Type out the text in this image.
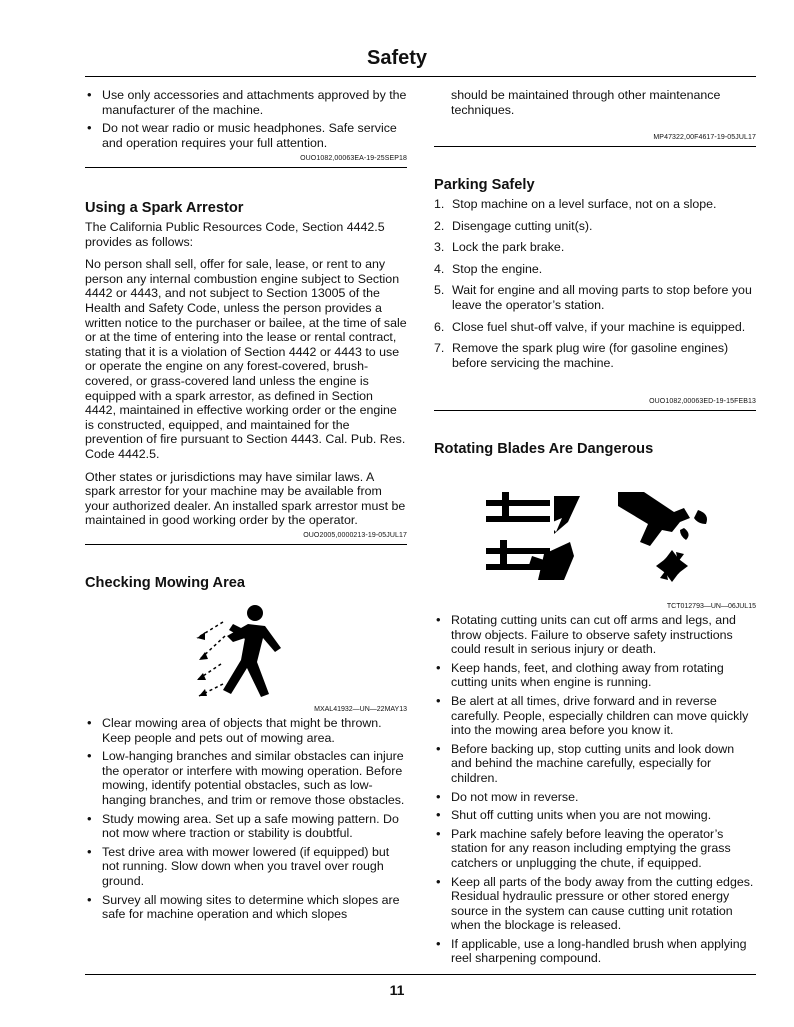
Safety
• Use only accessories and attachments approved by the manufacturer of the machine.
• Do not wear radio or music headphones. Safe service and operation requires your full attention.
OUO1082,00063EA-19-25SEP18
Using a Spark Arrestor

The California Public Resources Code, Section 4442.5 provides as follows:

No person shall sell, offer for sale, lease, or rent to any person any internal combustion engine subject to Section 4442 or 4443, and not subject to Section 13005 of the Health and Safety Code, unless the person provides a written notice to the purchaser or bailee, at the time of sale or at the time of entering into the lease or rental contract, stating that it is a violation of Section 4442 or 4443 to use or operate the engine on any forest-covered, brush-covered, or grass-covered land unless the engine is equipped with a spark arrestor, as defined in Section 4442, maintained in effective working order or the engine is constructed, equipped, and maintained for the prevention of fire pursuant to Section 4443. Cal. Pub. Res. Code 4442.5.

Other states or jurisdictions may have similar laws. A spark arrestor for your machine may be available from your authorized dealer. An installed spark arrestor must be maintained in good working order by the operator.

OUO2005,0000213-19-05JUL17
Checking Mowing Area
MXAL41932—UN—22MAY13
• Clear mowing area of objects that might be thrown. Keep people and pets out of mowing area.
• Low-hanging branches and similar obstacles can injure the operator or interfere with mowing operation. Before mowing, identify potential obstacles, such as low-hanging branches, and trim or remove those obstacles.
• Study mowing area. Set up a safe mowing pattern. Do not mow where traction or stability is doubtful.
• Test drive area with mower lowered (if equipped) but not running. Slow down when you travel over rough ground.
• Survey all mowing sites to determine which slopes are safe for machine operation and which slopes

should be maintained through other maintenance techniques.

MP47322,00F4617-19-05JUL17
Parking Safely
1. Stop machine on a level surface, not on a slope.
2. Disengage cutting unit(s).
3. Lock the park brake.
4. Stop the engine.
5. Wait for engine and all moving parts to stop before you leave the operator’s station.
6. Close fuel shut-off valve, if your machine is equipped.
7. Remove the spark plug wire (for gasoline engines) before servicing the machine.
OUO1082,00063ED-19-15FEB13
Rotating Blades Are Dangerous
TCT012793—UN—06JUL15
• Rotating cutting units can cut off arms and legs, and throw objects. Failure to observe safety instructions could result in serious injury or death.
• Keep hands, feet, and clothing away from rotating cutting units when engine is running.
• Be alert at all times, drive forward and in reverse carefully. People, especially children can move quickly into the mowing area before you know it.
• Before backing up, stop cutting units and look down and behind the machine carefully, especially for children.
• Do not mow in reverse.
• Shut off cutting units when you are not mowing.
• Park machine safely before leaving the operator’s station for any reason including emptying the grass catchers or unplugging the chute, if equipped.
• Keep all parts of the body away from the cutting edges. Residual hydraulic pressure or other stored energy source in the system can cause cutting unit rotation when the blockage is released.
• If applicable, use a long-handled brush when applying reel sharpening compound.
11
